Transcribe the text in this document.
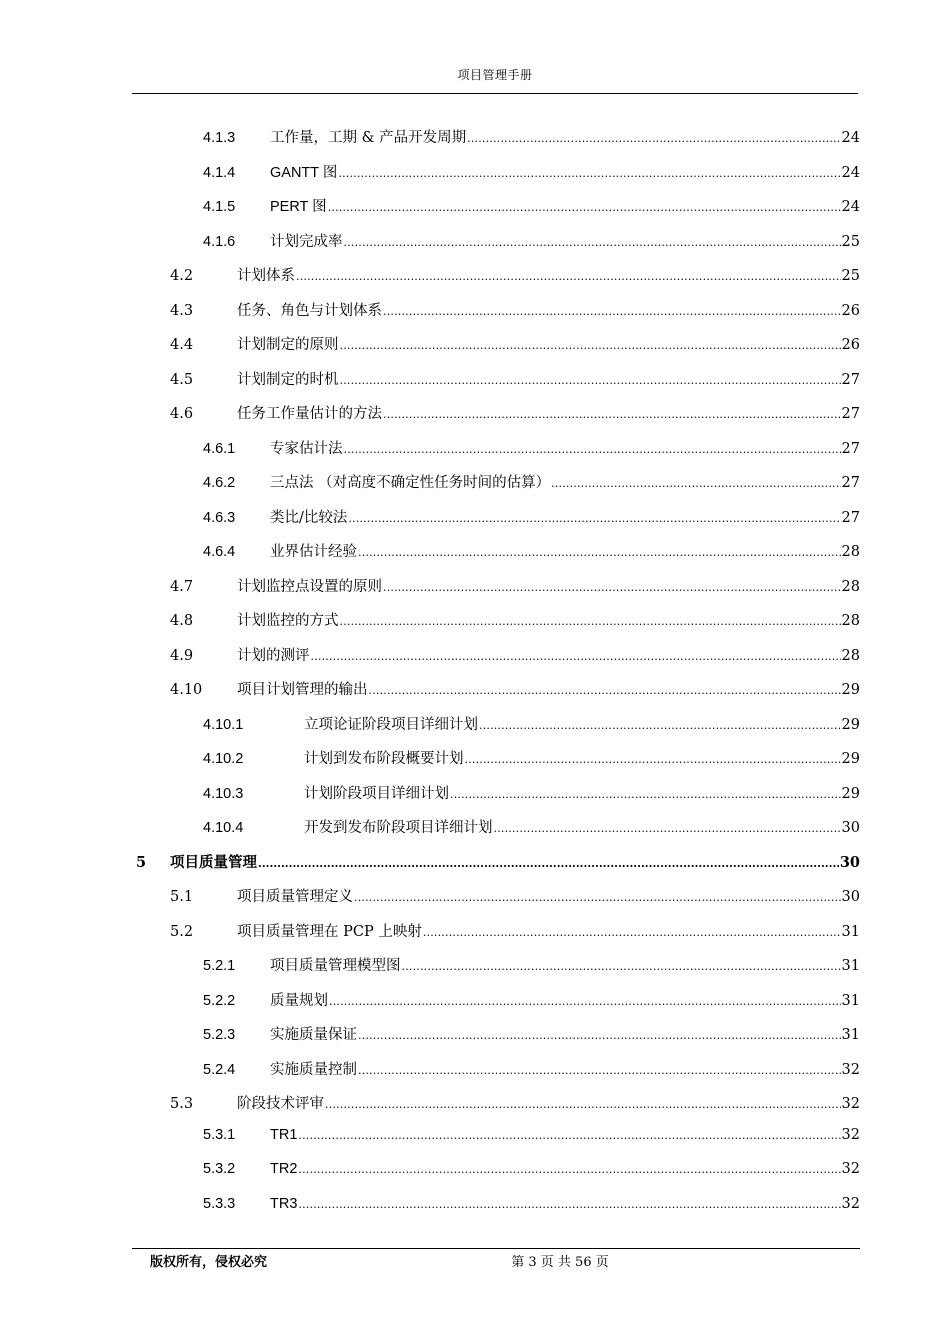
项目管理手册
4.1.3	工作量，工期 & 产品开发周期 .....	24
4.1.4	GANTT 图 .....	24
4.1.5	PERT 图 .....	24
4.1.6	计划完成率 .....	25
4.2	计划体系 .....	25
4.3	任务、角色与计划体系 .....	26
4.4	计划制定的原则 .....	26
4.5	计划制定的时机 .....	27
4.6	任务工作量估计的方法 .....	27
4.6.1	专家估计法 .....	27
4.6.2	三点法 （对高度不确定性任务时间的估算） .....	27
4.6.3	类比/比较法 .....	27
4.6.4	业界估计经验 .....	28
4.7	计划监控点设置的原则 .....	28
4.8	计划监控的方式 .....	28
4.9	计划的测评 .....	28
4.10	项目计划管理的输出 .....	29
4.10.1	立项论证阶段项目详细计划 .....	29
4.10.2	计划到发布阶段概要计划 .....	29
4.10.3	计划阶段项目详细计划 .....	29
4.10.4	开发到发布阶段项目详细计划 .....	30
5	项目质量管理 .....	30
5.1	项目质量管理定义 .....	30
5.2	项目质量管理在 PCP 上映射 .....	31
5.2.1	项目质量管理模型图 .....	31
5.2.2	质量规划 .....	31
5.2.3	实施质量保证 .....	31
5.2.4	实施质量控制 .....	32
5.3	阶段技术评审 .....	32
5.3.1	TR1 .....	32
5.3.2	TR2 .....	32
5.3.3	TR3 .....	32
版权所有，侵权必究	第 3 页 共 56 页
